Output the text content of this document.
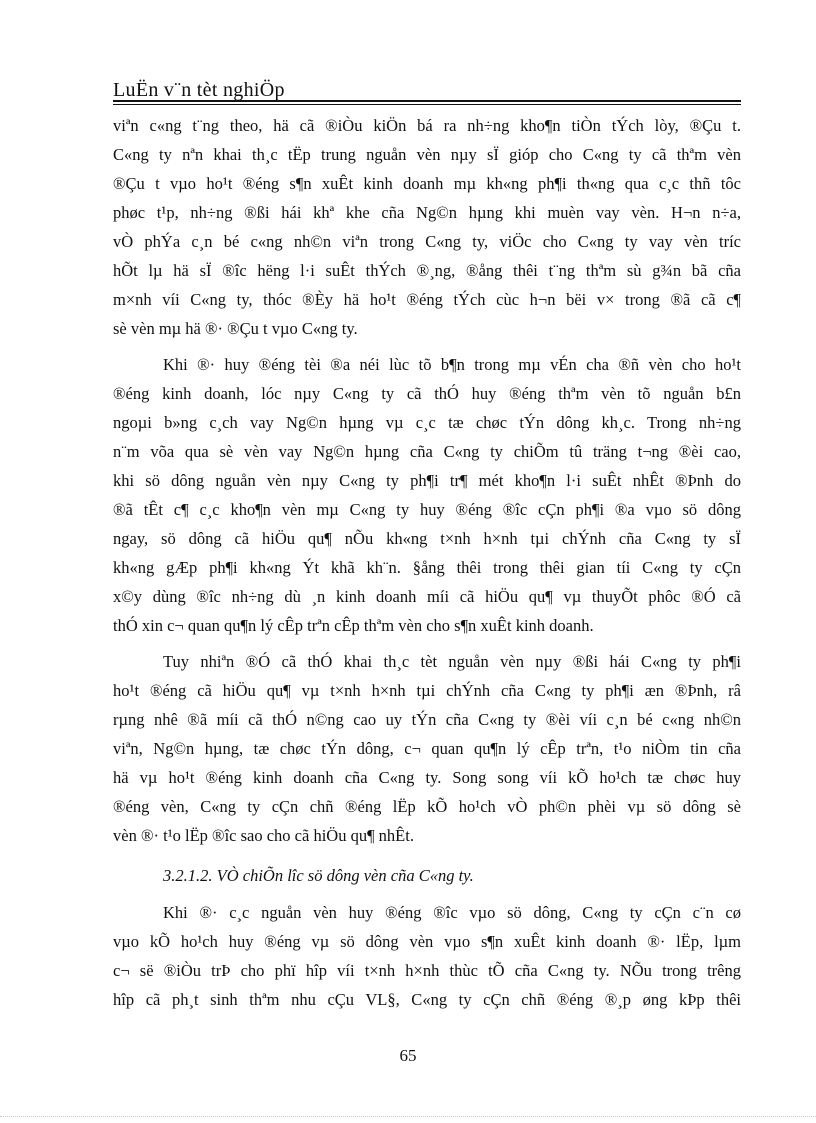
LuËn v¨n tèt nghiÖp
viªn c«ng t¨ng theo, hä cã ®iÒu kiÖn bá ra nh÷ng kho¶n tiÒn tÝch lòy, ®Çu t.
C«ng ty nªn khai th¸c tËp trung nguån vèn nµy sÏ gióp cho C«ng ty cã thªm vèn
®Çu t vµo ho¹t ®éng s¶n xuÊt kinh doanh mµ kh«ng ph¶i th«ng qua c¸c thñ tôc
phøc t¹p, nh÷ng ®ßi hái khª khe cña Ng©n hµng khi muèn vay vèn. H¬n n÷a,
vÒ phÝa c¸n bé c«ng nh©n viªn trong C«ng ty, viÖc cho C«ng ty vay vèn tríc
hÕt lµ hä sÏ ®îc hëng l·i suÊt thÝch ®¸ng, ®ång thêi t¨ng thªm sù g¾n bã cña
m×nh víi C«ng ty, thóc ®Èy hä ho¹t ®éng tÝch cùc h¬n bëi v× trong ®ã cã c¶
sè vèn mµ hä ®· ®Çu t vµo C«ng ty.
Khi ®· huy ®éng tèi ®a néi lùc tõ b¶n trong mµ vÉn cha ®ñ vèn cho ho¹t
®éng kinh doanh, lóc nµy C«ng ty cã thÓ huy ®éng thªm vèn tõ nguån b£n
ngoµi b»ng c¸ch vay Ng©n hµng vµ c¸c tæ chøc tÝn dông kh¸c. Trong nh÷ng
n¨m võa qua sè vèn vay Ng©n hµng cña C«ng ty chiÕm tû träng t¬ng ®èi cao,
khi sö dông nguån vèn nµy C«ng ty ph¶i tr¶ mét kho¶n l·i suÊt nhÊt ®Þnh do
®ã tÊt c¶ c¸c kho¶n vèn mµ C«ng ty huy ®éng ®îc cÇn ph¶i ®a vµo sö dông
ngay, sö dông cã hiÖu qu¶ nÕu kh«ng t×nh h×nh tµi chÝnh cña C«ng ty sÏ
kh«ng gÆp ph¶i kh«ng Ýt khã kh¨n. §ång thêi trong thêi gian tíi C«ng ty cÇn
x©y dùng ®îc nh÷ng dù ¸n kinh doanh míi cã hiÖu qu¶ vµ thuyÕt phôc ®Ó cã
thÓ xin c¬ quan qu¶n lý cÊp trªn cÊp thªm vèn cho s¶n xuÊt kinh doanh.
Tuy nhiªn ®Ó cã thÓ khai th¸c tèt nguån vèn nµy ®ßi hái C«ng ty ph¶i
ho¹t ®éng cã hiÖu qu¶ vµ t×nh h×nh tµi chÝnh cña C«ng ty ph¶i æn ®Þnh, râ
rµng nhê ®ã míi cã thÓ n©ng cao uy tÝn cña C«ng ty ®èi víi c¸n bé c«ng nh©n
viªn, Ng©n hµng, tæ chøc tÝn dông, c¬ quan qu¶n lý cÊp trªn, t¹o niÒm tin cña
hä vµ ho¹t ®éng kinh doanh cña C«ng ty. Song song víi kÕ ho¹ch tæ chøc huy
®éng vèn, C«ng ty cÇn chñ ®éng lËp kÕ ho¹ch vÒ ph©n phèi vµ sö dông sè
vèn ®· t¹o lËp ®îc sao cho cã hiÖu qu¶ nhÊt.
3.2.1.2. VÒ chiÕn lîc sö dông vèn cña C«ng ty.
Khi ®· c¸c nguån vèn huy ®éng ®îc vµo sö dông, C«ng ty cÇn c¨n cø
vµo kÕ ho¹ch huy ®éng vµ sö dông vèn vµo s¶n xuÊt kinh doanh ®· lËp, lµm
c¬ së ®iÒu trÞ cho phï hîp víi t×nh h×nh thùc tÕ cña C«ng ty. NÕu trong trêng
hîp cã ph¸t sinh thªm nhu cÇu VL§, C«ng ty cÇn chñ ®éng ®¸p øng kÞp thêi
65
